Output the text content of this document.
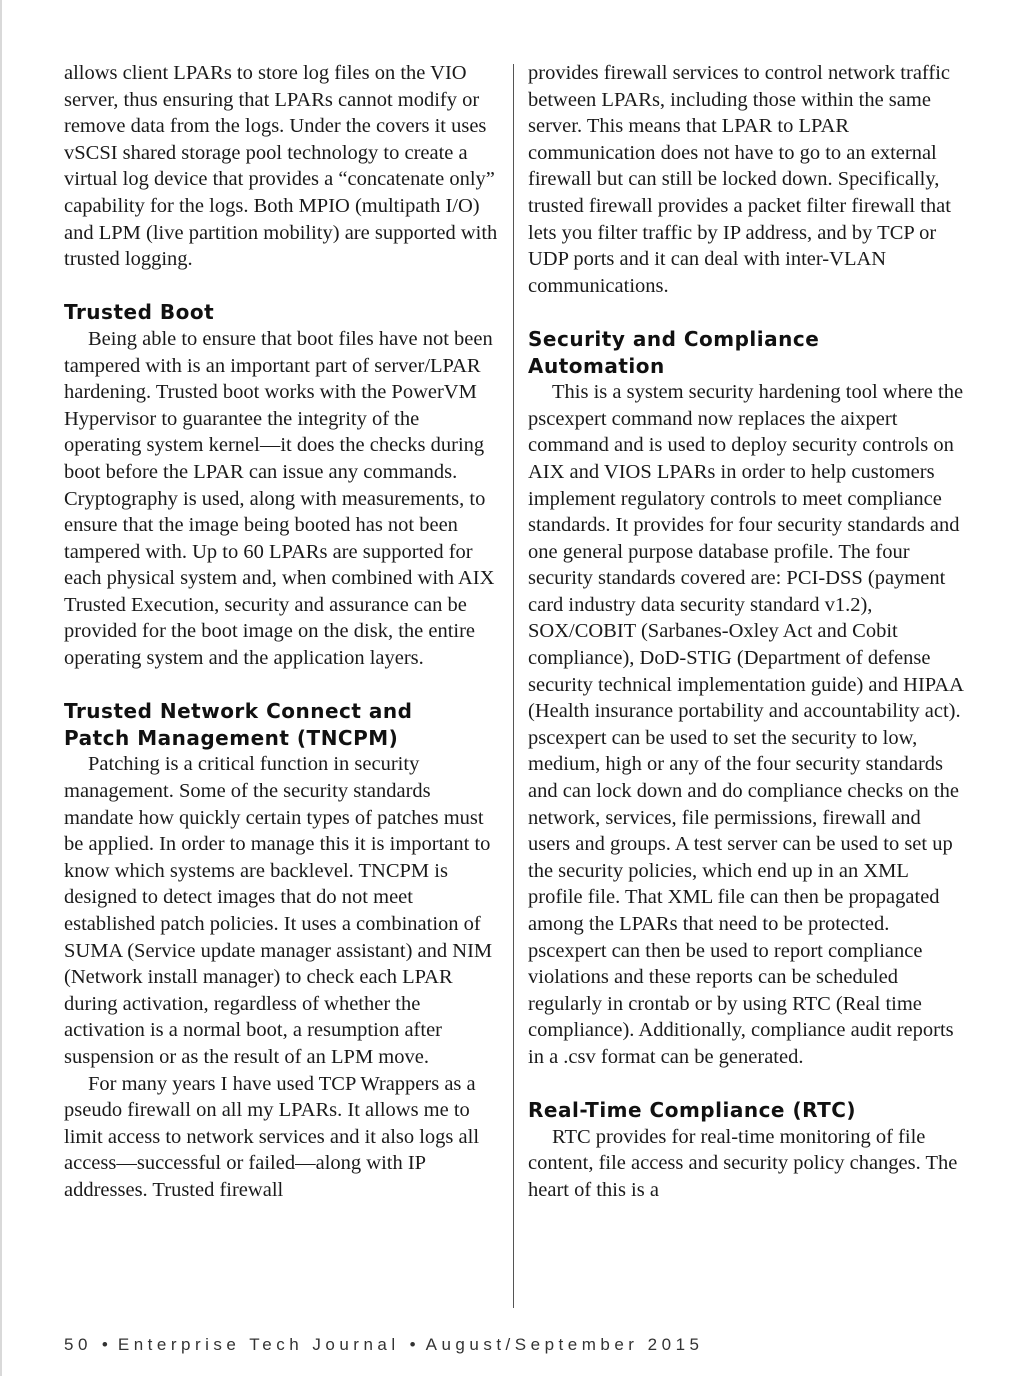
allows client LPARs to store log files on the VIO server, thus ensuring that LPARs cannot modify or remove data from the logs. Under the covers it uses vSCSI shared storage pool technology to create a virtual log device that provides a “concatenate only” capability for the logs. Both MPIO (multipath I/O) and LPM (live partition mobility) are supported with trusted logging.

Trusted Boot

Being able to ensure that boot files have not been tampered with is an important part of server/LPAR hardening. Trusted boot works with the PowerVM Hypervisor to guarantee the integrity of the operating system kernel—it does the checks during boot before the LPAR can issue any commands. Cryptography is used, along with measurements, to ensure that the image being booted has not been tampered with. Up to 60 LPARs are supported for each physical system and, when combined with AIX Trusted Execution, security and assurance can be provided for the boot image on the disk, the entire operating system and the application layers.

Trusted Network Connect and
Patch Management (TNCPM)

Patching is a critical function in security management. Some of the security standards mandate how quickly certain types of patches must be applied. In order to manage this it is important to know which systems are backlevel. TNCPM is designed to detect images that do not meet established patch policies. It uses a combination of SUMA (Service update manager assistant) and NIM (Network install manager) to check each LPAR during activation, regardless of whether the activation is a normal boot, a resumption after suspension or as the result of an LPM move.

For many years I have used TCP Wrappers as a pseudo firewall on all my LPARs. It allows me to limit access to network services and it also logs all access—successful or failed—along with IP addresses. Trusted firewall

provides firewall services to control network traffic between LPARs, including those within the same server. This means that LPAR to LPAR communication does not have to go to an external firewall but can still be locked down. Specifically, trusted firewall provides a packet filter firewall that lets you filter traffic by IP address, and by TCP or UDP ports and it can deal with inter-VLAN communications.

Security and Compliance
Automation

This is a system security hardening tool where the pscexpert command now replaces the aixpert command and is used to deploy security controls on AIX and VIOS LPARs in order to help customers implement regulatory controls to meet compliance standards. It provides for four security standards and one general purpose database profile. The four security standards covered are: PCI-DSS (payment card industry data security standard v1.2), SOX/COBIT (Sarbanes-Oxley Act and Cobit compliance), DoD-STIG (Department of defense security technical implementation guide) and HIPAA (Health insurance portability and accountability act). pscexpert can be used to set the security to low, medium, high or any of the four security standards and can lock down and do compliance checks on the network, services, file permissions, firewall and users and groups. A test server can be used to set up the security policies, which end up in an XML profile file. That XML file can then be propagated among the LPARs that need to be protected. pscexpert can then be used to report compliance violations and these reports can be scheduled regularly in crontab or by using RTC (Real time compliance). Additionally, compliance audit reports in a .csv format can be generated.

Real-Time Compliance (RTC)

RTC provides for real-time monitoring of file content, file access and security policy changes. The heart of this is a

50 • Enterprise Tech Journal • August/September 2015
